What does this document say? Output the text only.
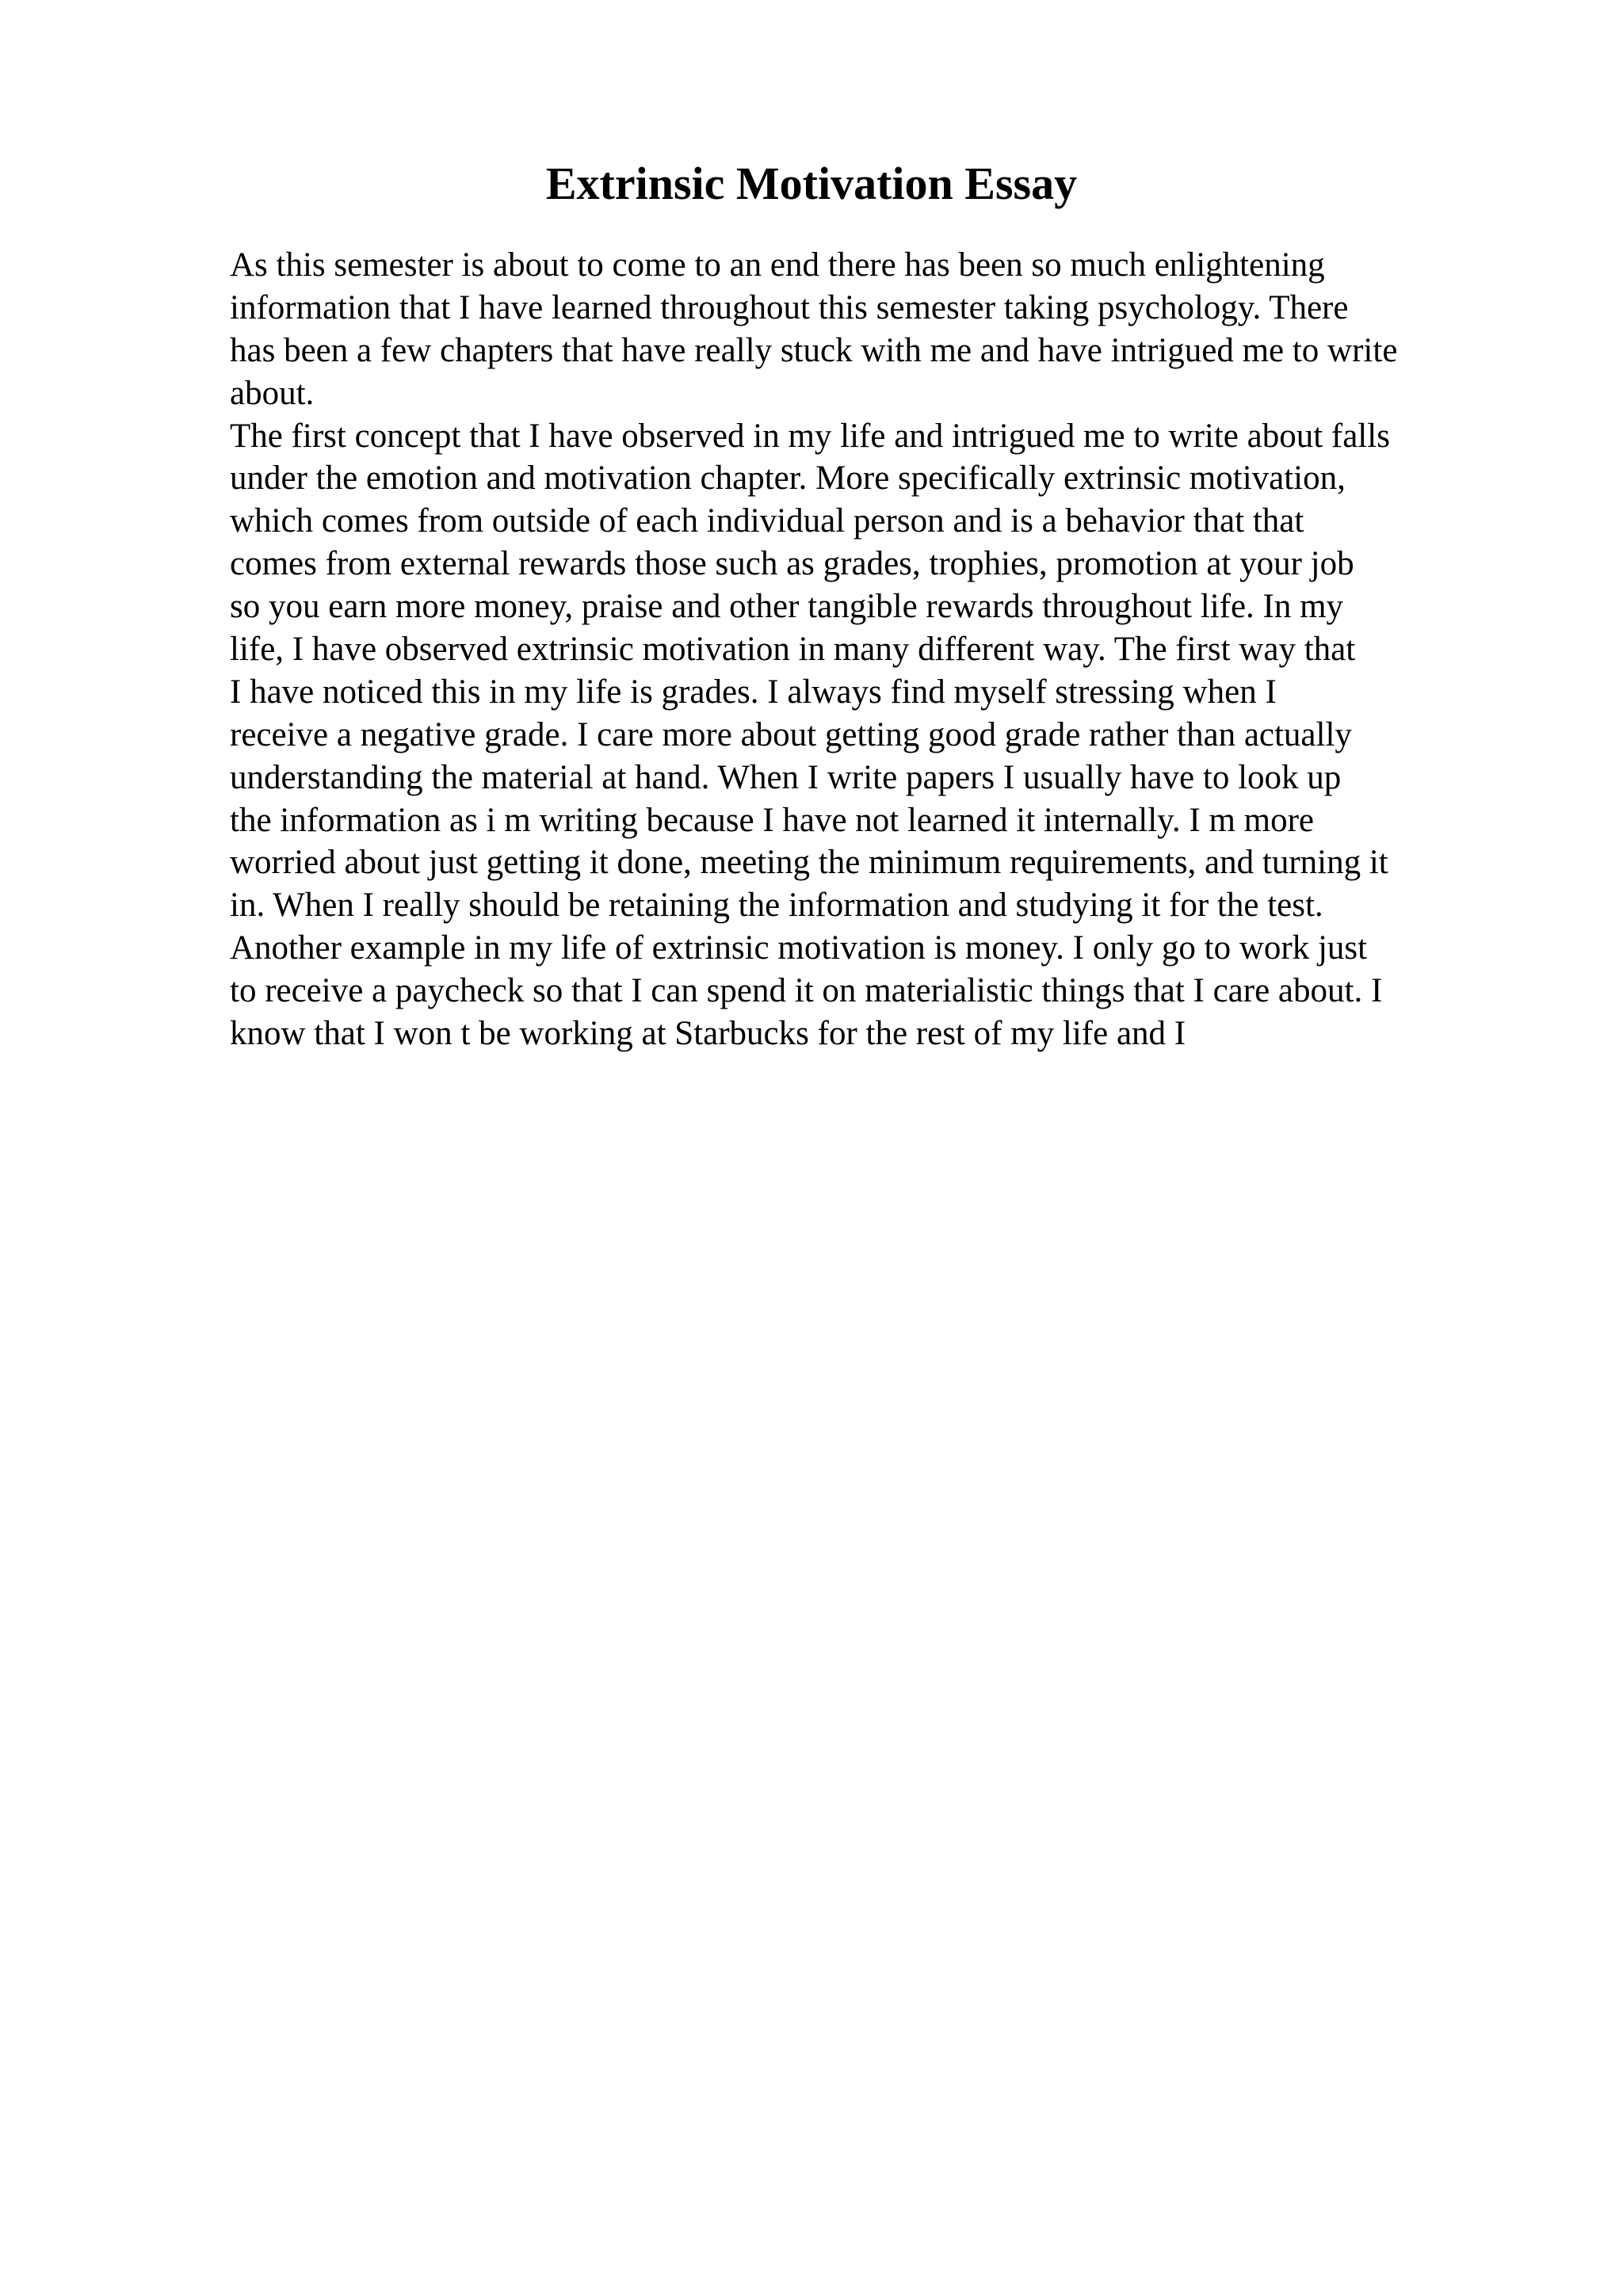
Extrinsic Motivation Essay
As this semester is about to come to an end there has been so much enlightening
information that I have learned throughout this semester taking psychology. There
has been a few chapters that have really stuck with me and have intrigued me to write
about.
The first concept that I have observed in my life and intrigued me to write about falls
under the emotion and motivation chapter. More specifically extrinsic motivation,
which comes from outside of each individual person and is a behavior that that
comes from external rewards those such as grades, trophies, promotion at your job
so you earn more money, praise and other tangible rewards throughout life. In my
life, I have observed extrinsic motivation in many different way. The first way that
I have noticed this in my life is grades. I always find myself stressing when I
receive a negative grade. I care more about getting good grade rather than actually
understanding the material at hand. When I write papers I usually have to look up
the information as i m writing because I have not learned it internally. I m more
worried about just getting it done, meeting the minimum requirements, and turning it
in. When I really should be retaining the information and studying it for the test.
Another example in my life of extrinsic motivation is money. I only go to work just
to receive a paycheck so that I can spend it on materialistic things that I care about. I
know that I won t be working at Starbucks for the rest of my life and I
